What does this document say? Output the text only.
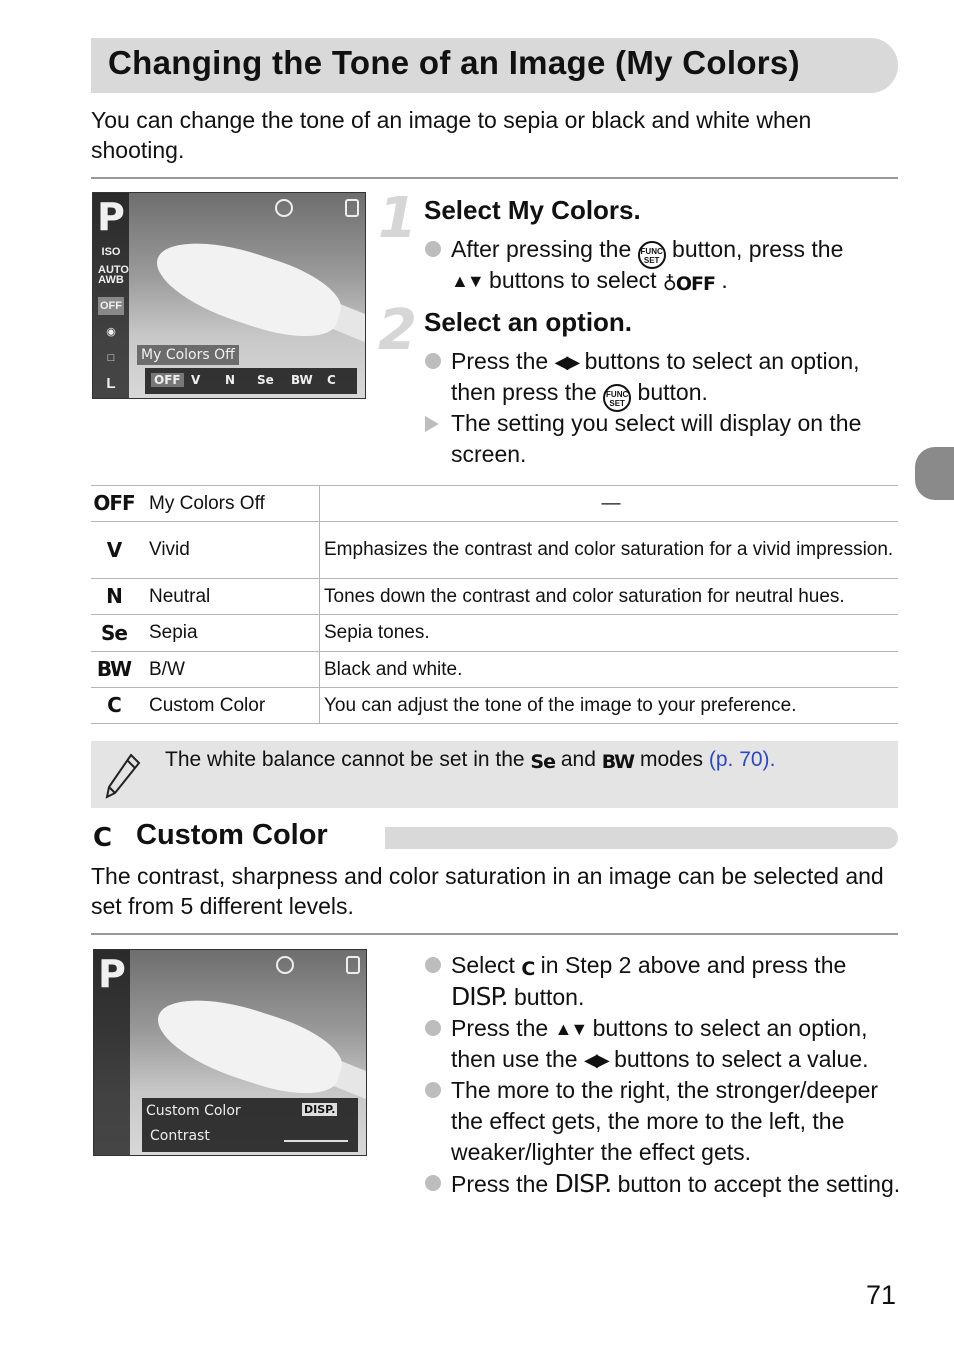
Changing the Tone of an Image (My Colors)
You can change the tone of an image to sepia or black and white when shooting.
P
ISO AUTO
AWB
OFF
◉
□
L
My Colors Off
OFF V N Se BW C
1 Select My Colors.
After pressing the FUNC
SET button, press the
▲▼ buttons to select ♁OFF .
2 Select an option.
Press the ◀▶ buttons to select an option,
then press the FUNC
SET button.
The setting you select will display on the screen.
OFF	My Colors Off	—
V	Vivid	Emphasizes the contrast and color saturation for a vivid impression.
N	Neutral	Tones down the contrast and color saturation for neutral hues.
Se	Sepia	Sepia tones.
BW	B/W	Black and white.
C	Custom Color	You can adjust the tone of the image to your preference.
The white balance cannot be set in the Se and BW modes (p. 70).
C Custom Color
The contrast, sharpness and color saturation in an image can be selected and set from 5 different levels.
P
Custom Color	DISP.
Contrast
Select C in Step 2 above and press the
DISP. button.
Press the ▲▼ buttons to select an option,
then use the ◀▶ buttons to select a value.
The more to the right, the stronger/deeper the effect gets, the more to the left, the weaker/lighter the effect gets.
Press the DISP. button to accept the setting.
71
